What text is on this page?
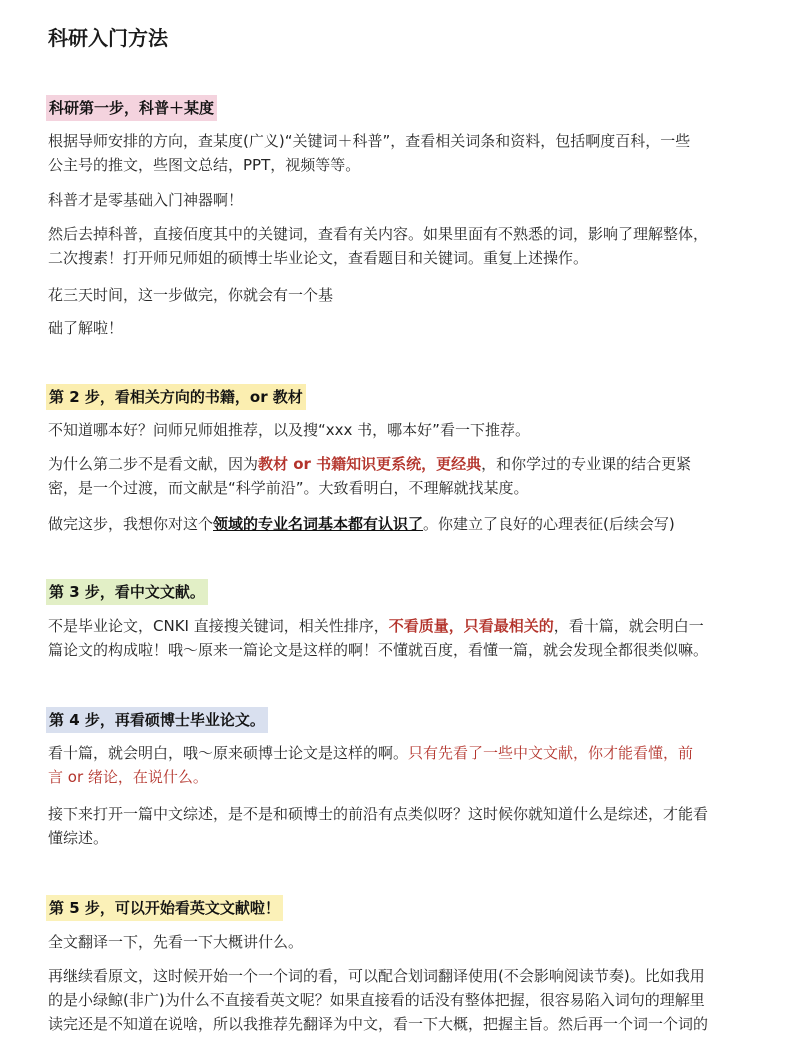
科研入门方法
科研第一步，科普＋某度
根据导师安排的方向，查某度(广义)“关键词＋科普”，查看相关词条和资料，包括啊度百科，一些
公主号的推文，些图文总结，PPT，视频等等。
科普才是零基础入门神器啊！
然后去掉科普，直接佰度其中的关键词，查看有关内容。如果里面有不熟悉的词，影响了理解整体，
二次搜素！打开师兄师姐的硕博士毕业论文，查看题目和关键词。重复上述操作。
花三天时间，这一步做完，你就会有一个基
础了解啦！
第 2 步，看相关方向的书籍，or 教材
不知道哪本好？问师兄师姐推荐，以及搜“xxx 书，哪本好”看一下推荐。
为什么第二步不是看文献，因为教材 or 书籍知识更系统，更经典，和你学过的专业课的结合更紧
密，是一个过渡，而文献是“科学前沿”。大致看明白，不理解就找某度。
做完这步，我想你对这个领域的专业名词基本都有认识了。你建立了良好的心理表征(后续会写)
第 3 步，看中文文献。
不是毕业论文，CNKI 直接搜关键词，相关性排序，不看质量，只看最相关的，看十篇，就会明白一
篇论文的构成啦！哦～原来一篇论文是这样的啊！不懂就百度，看懂一篇，就会发现全都很类似嘛。
第 4 步，再看硕博士毕业论文。
看十篇，就会明白，哦～原来硕博士论文是这样的啊。只有先看了一些中文文献，你才能看懂，前
言 or 绪论，在说什么。
接下来打开一篇中文综述，是不是和硕博士的前沿有点类似呀？这时候你就知道什么是综述，才能看
懂综述。
第 5 步，可以开始看英文文献啦！
全文翻译一下，先看一下大概讲什么。
再继续看原文，这时候开始一个一个词的看，可以配合划词翻译使用(不会影响阅读节奏)。比如我用
的是小绿鲸(非广)为什么不直接看英文呢？如果直接看的话没有整体把握，很容易陷入词句的理解里
读完还是不知道在说啥，所以我推荐先翻译为中文，看一下大概，把握主旨。然后再一个词一个词的
